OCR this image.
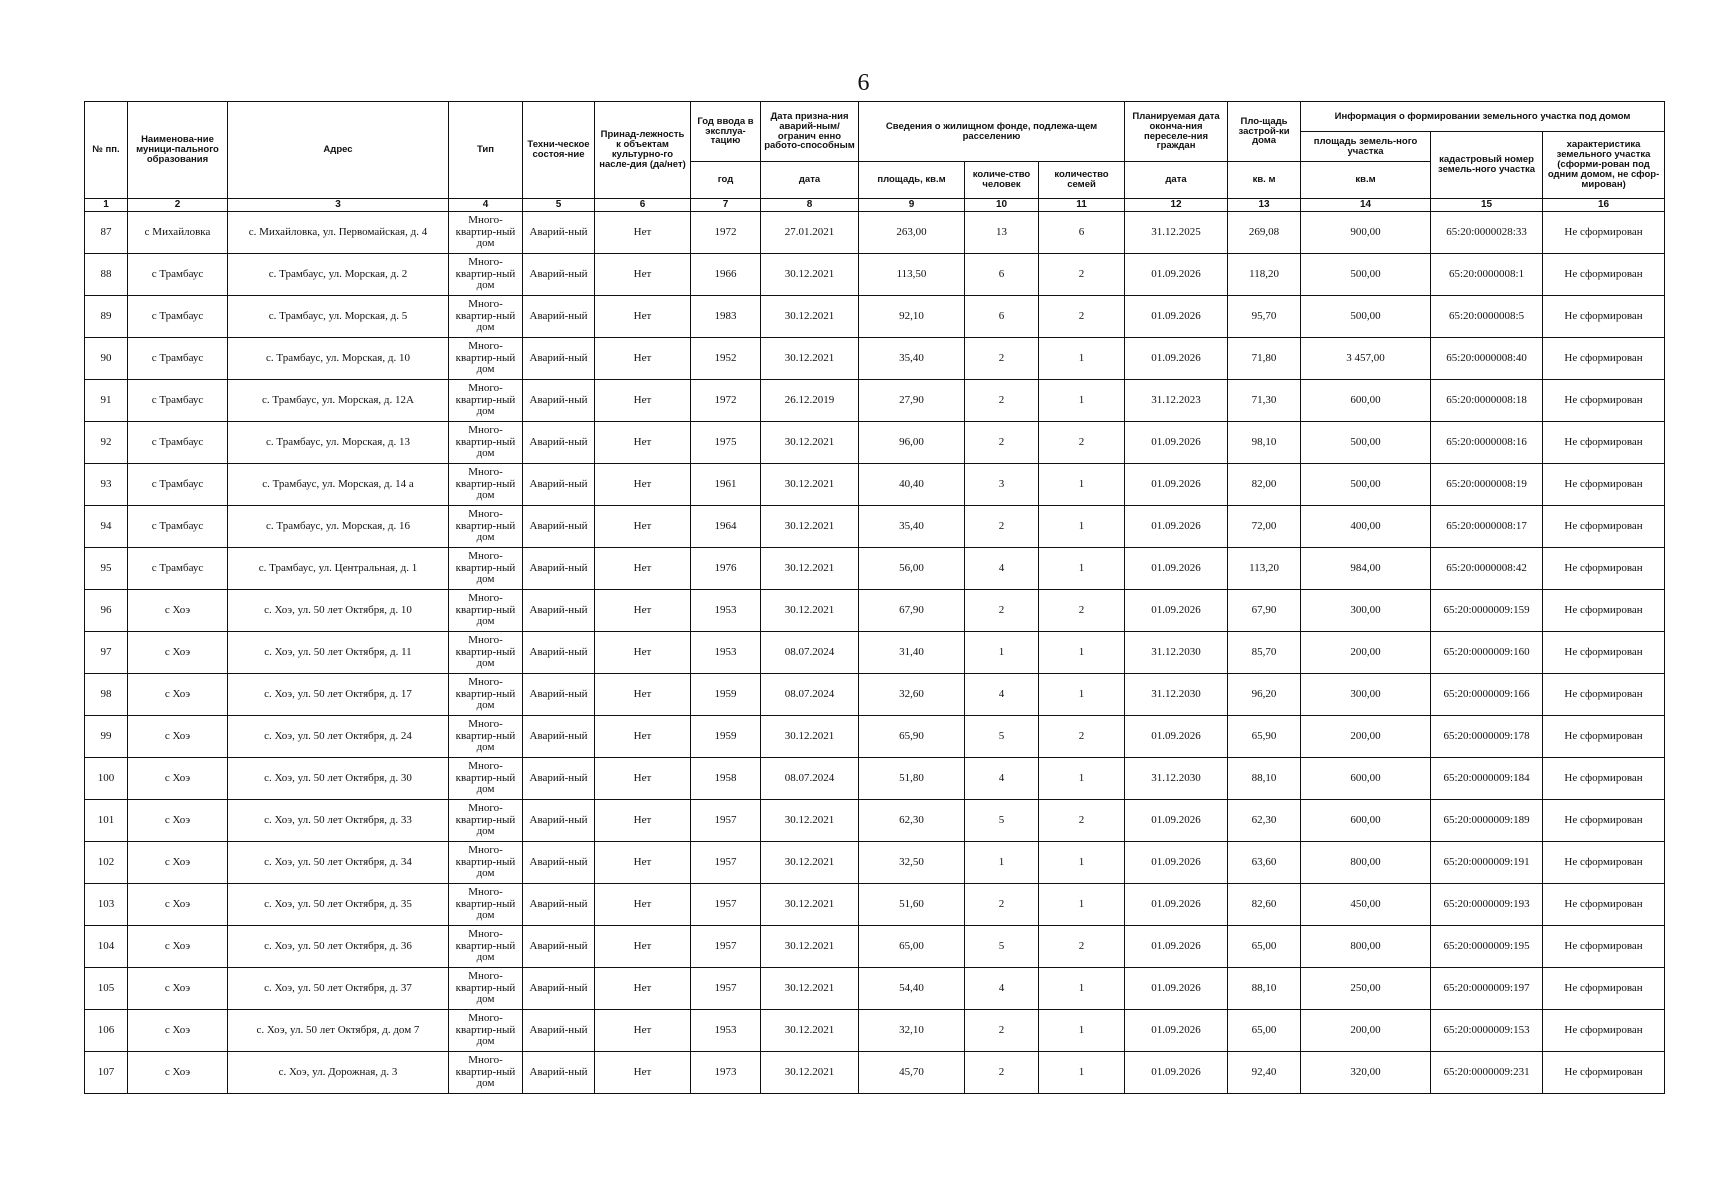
6
№ пп.	Наименова-ние муници-пального образования	Адрес	Тип	Техни-ческое состоя-ние	Принад-лежность к объектам культурно-го насле-дия (да/нет)	Год ввода в эксплуа-тацию	Дата призна-ния аварий-ным/огранич енно работо-способным	Сведения о жилищном фонде, подлежа-щем расселению			Планируемая дата оконча-ния переселе-ния граждан	Пло-щадь застрой-ки дома	Информация о формировании земельного участка под домом		
													площадь земель-ного участка	кадастровый номер земель-ного участка	характеристика земельного участка (сформи-рован под одним домом, не сфор-мирован)
						год	дата	площадь, кв.м	количе-ство человек	количество семей	дата	кв. м	кв.м		
1	2	3	4	5	6	7	8	9	10	11	12	13	14	15	16
87	с Михайловка	с. Михайловка, ул. Первомайская, д. 4	Много-квартир-ный дом	Аварий-ный	Нет	1972	27.01.2021	263,00	13	6	31.12.2025	269,08	900,00	65:20:0000028:33	Не сформирован
88	с Трамбаус	с. Трамбаус, ул. Морская, д. 2	Много-квартир-ный дом	Аварий-ный	Нет	1966	30.12.2021	113,50	6	2	01.09.2026	118,20	500,00	65:20:0000008:1	Не сформирован
89	с Трамбаус	с. Трамбаус, ул. Морская, д. 5	Много-квартир-ный дом	Аварий-ный	Нет	1983	30.12.2021	92,10	6	2	01.09.2026	95,70	500,00	65:20:0000008:5	Не сформирован
90	с Трамбаус	с. Трамбаус, ул. Морская, д. 10	Много-квартир-ный дом	Аварий-ный	Нет	1952	30.12.2021	35,40	2	1	01.09.2026	71,80	3 457,00	65:20:0000008:40	Не сформирован
91	с Трамбаус	с. Трамбаус, ул. Морская, д. 12А	Много-квартир-ный дом	Аварий-ный	Нет	1972	26.12.2019	27,90	2	1	31.12.2023	71,30	600,00	65:20:0000008:18	Не сформирован
92	с Трамбаус	с. Трамбаус, ул. Морская, д. 13	Много-квартир-ный дом	Аварий-ный	Нет	1975	30.12.2021	96,00	2	2	01.09.2026	98,10	500,00	65:20:0000008:16	Не сформирован
93	с Трамбаус	с. Трамбаус, ул. Морская, д. 14 а	Много-квартир-ный дом	Аварий-ный	Нет	1961	30.12.2021	40,40	3	1	01.09.2026	82,00	500,00	65:20:0000008:19	Не сформирован
94	с Трамбаус	с. Трамбаус, ул. Морская, д. 16	Много-квартир-ный дом	Аварий-ный	Нет	1964	30.12.2021	35,40	2	1	01.09.2026	72,00	400,00	65:20:0000008:17	Не сформирован
95	с Трамбаус	с. Трамбаус, ул. Центральная, д. 1	Много-квартир-ный дом	Аварий-ный	Нет	1976	30.12.2021	56,00	4	1	01.09.2026	113,20	984,00	65:20:0000008:42	Не сформирован
96	с Хоэ	с. Хоэ, ул. 50 лет Октября, д. 10	Много-квартир-ный дом	Аварий-ный	Нет	1953	30.12.2021	67,90	2	2	01.09.2026	67,90	300,00	65:20:0000009:159	Не сформирован
97	с Хоэ	с. Хоэ, ул. 50 лет Октября, д. 11	Много-квартир-ный дом	Аварий-ный	Нет	1953	08.07.2024	31,40	1	1	31.12.2030	85,70	200,00	65:20:0000009:160	Не сформирован
98	с Хоэ	с. Хоэ, ул. 50 лет Октября, д. 17	Много-квартир-ный дом	Аварий-ный	Нет	1959	08.07.2024	32,60	4	1	31.12.2030	96,20	300,00	65:20:0000009:166	Не сформирован
99	с Хоэ	с. Хоэ, ул. 50 лет Октября, д. 24	Много-квартир-ный дом	Аварий-ный	Нет	1959	30.12.2021	65,90	5	2	01.09.2026	65,90	200,00	65:20:0000009:178	Не сформирован
100	с Хоэ	с. Хоэ, ул. 50 лет Октября, д. 30	Много-квартир-ный дом	Аварий-ный	Нет	1958	08.07.2024	51,80	4	1	31.12.2030	88,10	600,00	65:20:0000009:184	Не сформирован
101	с Хоэ	с. Хоэ, ул. 50 лет Октября, д. 33	Много-квартир-ный дом	Аварий-ный	Нет	1957	30.12.2021	62,30	5	2	01.09.2026	62,30	600,00	65:20:0000009:189	Не сформирован
102	с Хоэ	с. Хоэ, ул. 50 лет Октября, д. 34	Много-квартир-ный дом	Аварий-ный	Нет	1957	30.12.2021	32,50	1	1	01.09.2026	63,60	800,00	65:20:0000009:191	Не сформирован
103	с Хоэ	с. Хоэ, ул. 50 лет Октября, д. 35	Много-квартир-ный дом	Аварий-ный	Нет	1957	30.12.2021	51,60	2	1	01.09.2026	82,60	450,00	65:20:0000009:193	Не сформирован
104	с Хоэ	с. Хоэ, ул. 50 лет Октября, д. 36	Много-квартир-ный дом	Аварий-ный	Нет	1957	30.12.2021	65,00	5	2	01.09.2026	65,00	800,00	65:20:0000009:195	Не сформирован
105	с Хоэ	с. Хоэ, ул. 50 лет Октября, д. 37	Много-квартир-ный дом	Аварий-ный	Нет	1957	30.12.2021	54,40	4	1	01.09.2026	88,10	250,00	65:20:0000009:197	Не сформирован
106	с Хоэ	с. Хоэ, ул. 50 лет Октября, д. дом 7	Много-квартир-ный дом	Аварий-ный	Нет	1953	30.12.2021	32,10	2	1	01.09.2026	65,00	200,00	65:20:0000009:153	Не сформирован
107	с Хоэ	с. Хоэ, ул. Дорожная, д. 3	Много-квартир-ный дом	Аварий-ный	Нет	1973	30.12.2021	45,70	2	1	01.09.2026	92,40	320,00	65:20:0000009:231	Не сформирован
